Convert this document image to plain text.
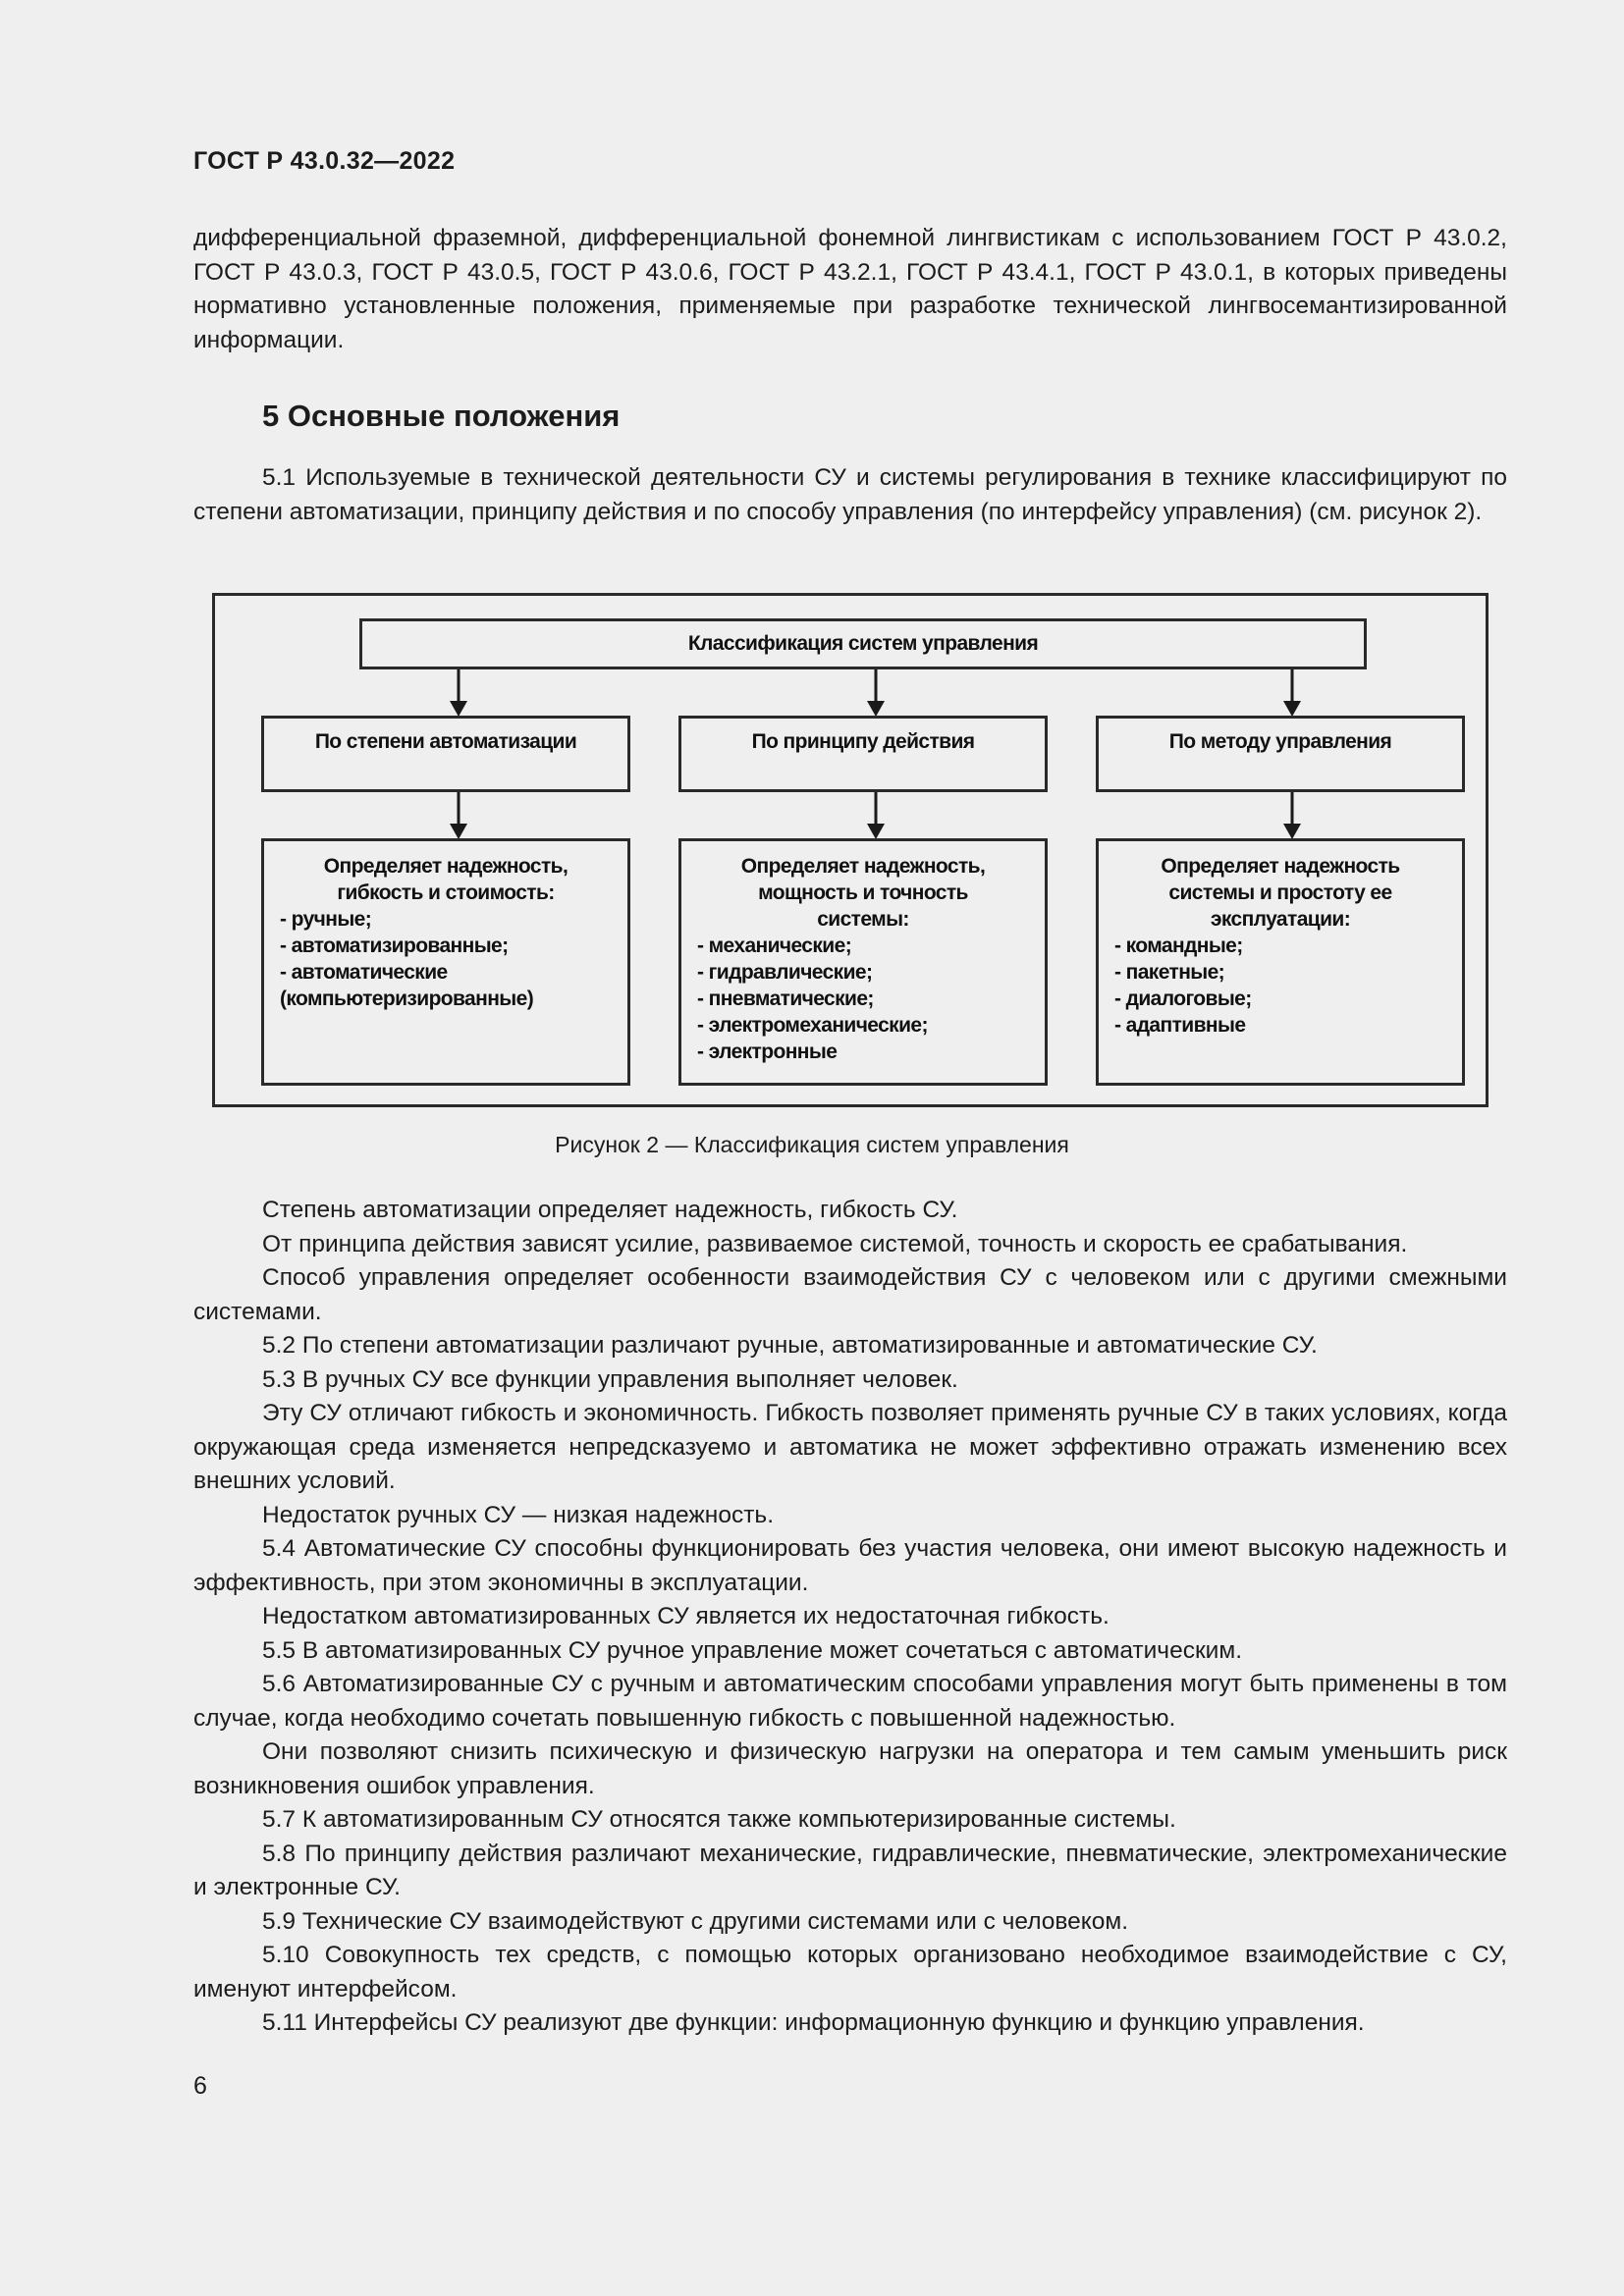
ГОСТ Р 43.0.32—2022

дифференциальной фраземной, дифференциальной фонемной лингвистикам с использованием ГОСТ Р 43.0.2, ГОСТ Р 43.0.3, ГОСТ Р 43.0.5, ГОСТ Р 43.0.6, ГОСТ Р 43.2.1, ГОСТ Р 43.4.1, ГОСТ Р 43.0.1, в которых приведены нормативно установленные положения, применяемые при разработке технической лингвосемантизированной информации.

5 Основные положения

5.1 Используемые в технической деятельности СУ и системы регулирования в технике классифицируют по степени автоматизации, принципу действия и по способу управления (по интерфейсу управления) (см. рисунок 2).

Классификация систем управления
По степени автоматизации	По принципу действия	По методу управления
Определяет надежность,
гибкость и стоимость:
- ручные;
- автоматизированные;
- автоматические
(компьютеризированные)
Определяет надежность,
мощность и точность
системы:
- механические;
- гидравлические;
- пневматические;
- электромеханические;
- электронные
Определяет надежность
системы и простоту ее
эксплуатации:
- командные;
- пакетные;
- диалоговые;
- адаптивные
Рисунок 2 — Классификация систем управления

Степень автоматизации определяет надежность, гибкость СУ.

От принципа действия зависят усилие, развиваемое системой, точность и скорость ее срабатывания.

Способ управления определяет особенности взаимодействия СУ с человеком или с другими смежными системами.

5.2 По степени автоматизации различают ручные, автоматизированные и автоматические СУ.

5.3 В ручных СУ все функции управления выполняет человек.

Эту СУ отличают гибкость и экономичность. Гибкость позволяет применять ручные СУ в таких условиях, когда окружающая среда изменяется непредсказуемо и автоматика не может эффективно отражать изменению всех внешних условий.

Недостаток ручных СУ — низкая надежность.

5.4 Автоматические СУ способны функционировать без участия человека, они имеют высокую надежность и эффективность, при этом экономичны в эксплуатации.

Недостатком автоматизированных СУ является их недостаточная гибкость.

5.5 В автоматизированных СУ ручное управление может сочетаться с автоматическим.

5.6 Автоматизированные СУ с ручным и автоматическим способами управления могут быть применены в том случае, когда необходимо сочетать повышенную гибкость с повышенной надежностью.

Они позволяют снизить психическую и физическую нагрузки на оператора и тем самым уменьшить риск возникновения ошибок управления.

5.7 К автоматизированным СУ относятся также компьютеризированные системы.

5.8 По принципу действия различают механические, гидравлические, пневматические, электромеханические и электронные СУ.

5.9 Технические СУ взаимодействуют с другими системами или с человеком.

5.10 Совокупность тех средств, с помощью которых организовано необходимое взаимодействие с СУ, именуют интерфейсом.

5.11 Интерфейсы СУ реализуют две функции: информационную функцию и функцию управления.

6
